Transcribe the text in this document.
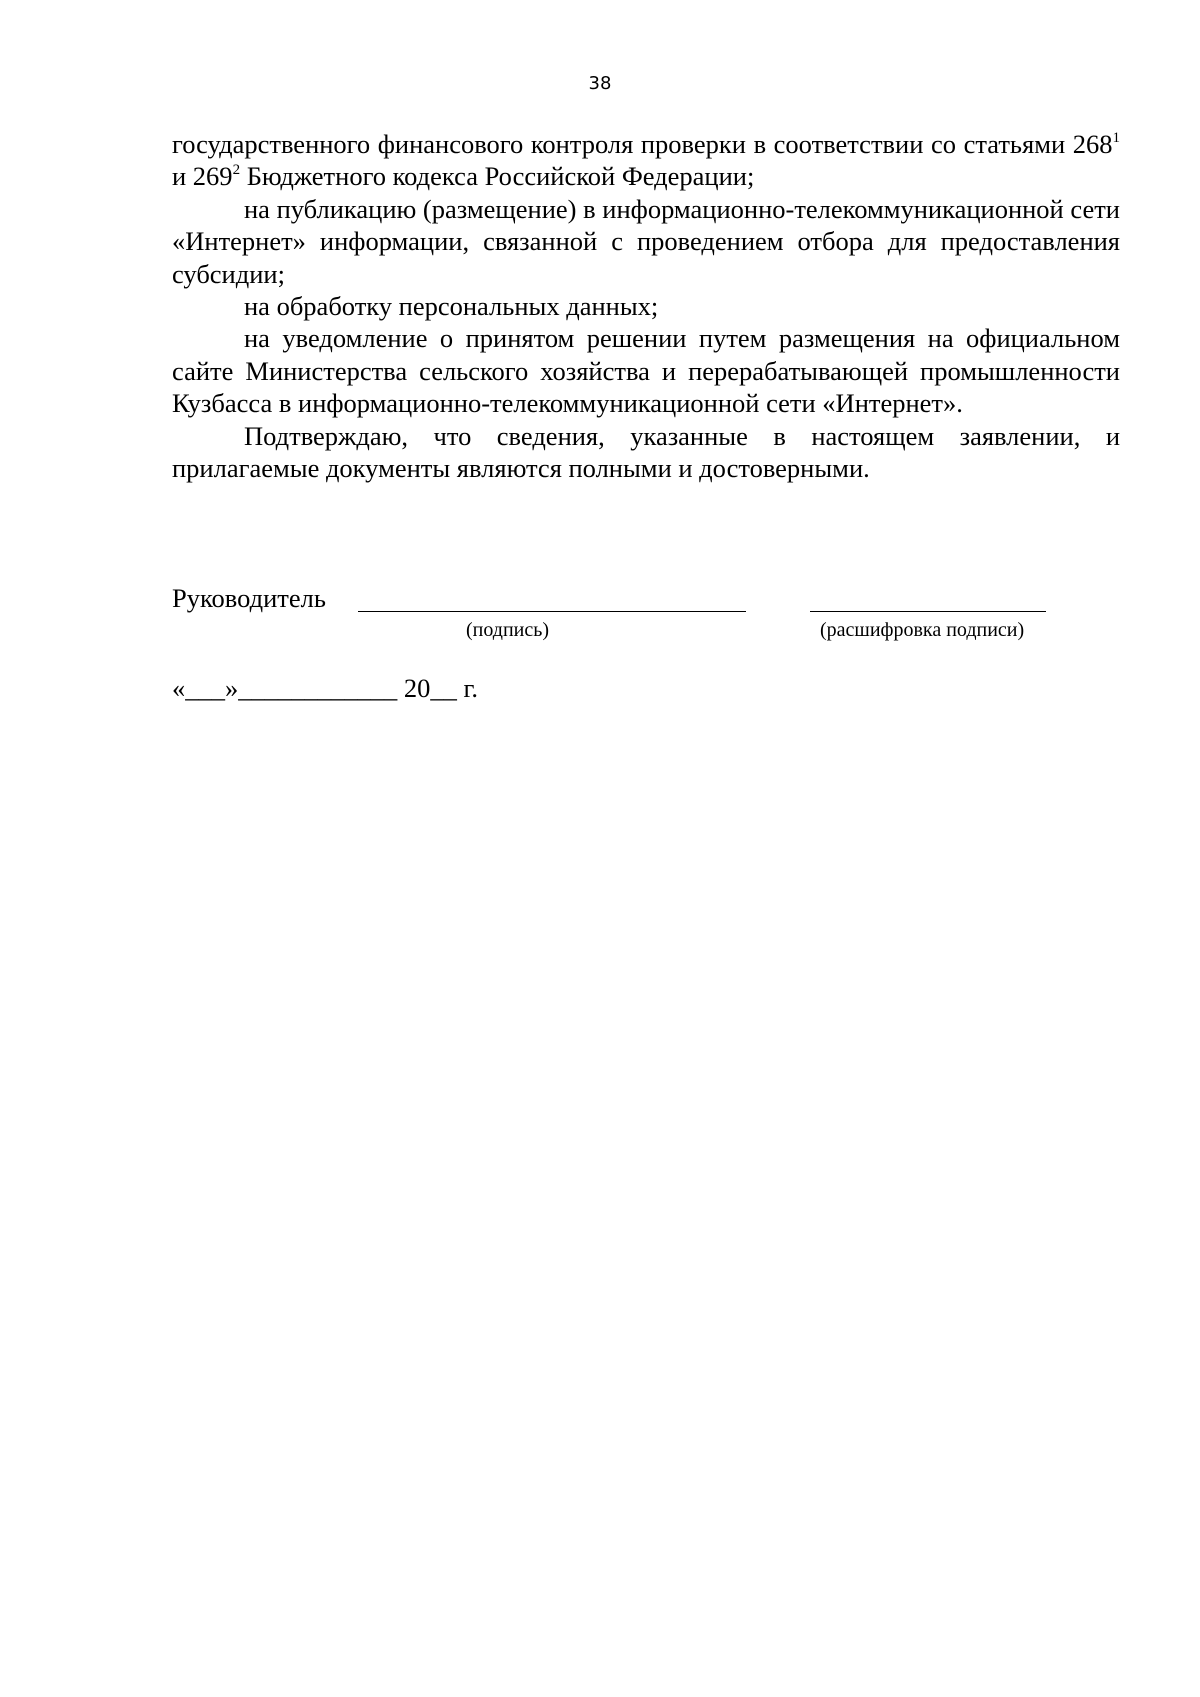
38

государственного финансового контроля проверки в соответствии со статьями $268^1$ и $269^2$ Бюджетного кодекса Российской Федерации;

на публикацию (размещение) в информационно-телекоммуникационной сети «Интернет» информации, связанной с проведением отбора для предоставления субсидии;

на обработку персональных данных;

на уведомление о принятом решении путем размещения на официальном сайте Министерства сельского хозяйства и перерабатывающей промышленности Кузбасса в информационно-телекоммуникационной сети «Интернет».

Подтверждаю, что сведения, указанные в настоящем заявлении, и прилагаемые документы являются полными и достоверными.

Руководитель
(подпись)	(расшифровка подписи)
«___»____________ 20__ г.
